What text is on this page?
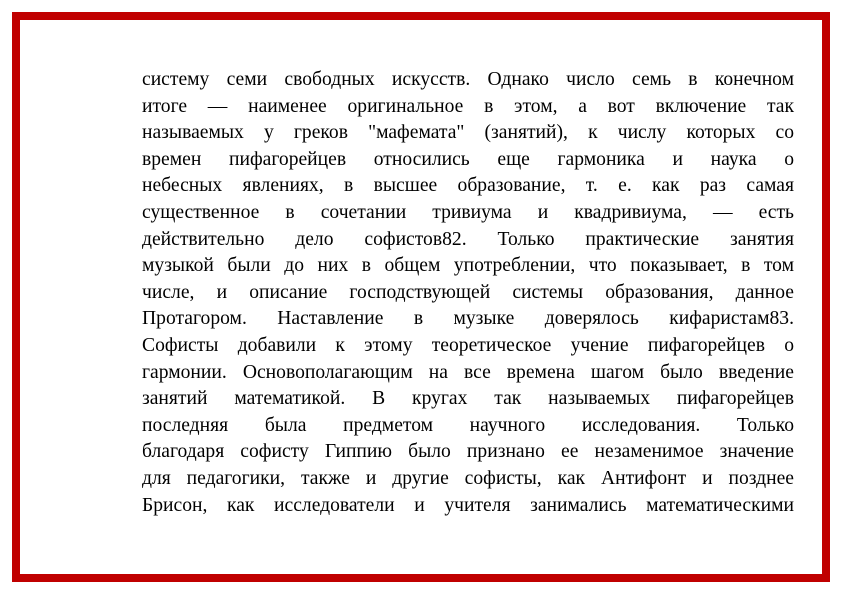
систему семи свободных искусств. Однако число семь в конечном
итоге — наименее оригинальное в этом, а вот включение так
называемых у греков "мафемата" (занятий), к числу которых со
времен пифагорейцев относились еще гармоника и наука о
небесных явлениях, в высшее образование, т. е. как раз самая
существенное в сочетании тривиума и квадривиума, — есть
действительно дело софистов82. Только практические занятия
музыкой были до них в общем употреблении, что показывает, в том
числе, и описание господствующей системы образования, данное
Протагором. Наставление в музыке доверялось кифаристам83.
Софисты добавили к этому теоретическое учение пифагорейцев о
гармонии. Основополагающим на все времена шагом было введение
занятий математикой. В кругах так называемых пифагорейцев
последняя была предметом научного исследования. Только
благодаря софисту Гиппию было признано ее незаменимое значение
для педагогики, также и другие софисты, как Антифонт и позднее
Брисон, как исследователи и учителя занимались математическими
